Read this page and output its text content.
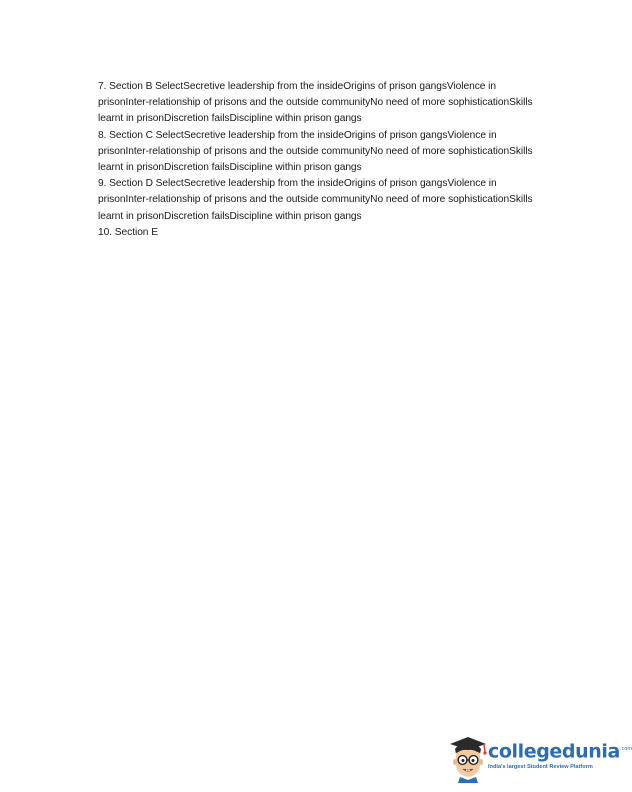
7. Section B SelectSecretive leadership from the insideOrigins of prison gangsViolence in prisonInter-relationship of prisons and the outside communityNo need of more sophisticationSkills learnt in prisonDiscretion failsDiscipline within prison gangs

8. Section C SelectSecretive leadership from the insideOrigins of prison gangsViolence in prisonInter-relationship of prisons and the outside communityNo need of more sophisticationSkills learnt in prisonDiscretion failsDiscipline within prison gangs

9. Section D SelectSecretive leadership from the insideOrigins of prison gangsViolence in prisonInter-relationship of prisons and the outside communityNo need of more sophisticationSkills learnt in prisonDiscretion failsDiscipline within prison gangs

10. Section E

collegedunia$^{.com}$
India's largest Student Review Platform
